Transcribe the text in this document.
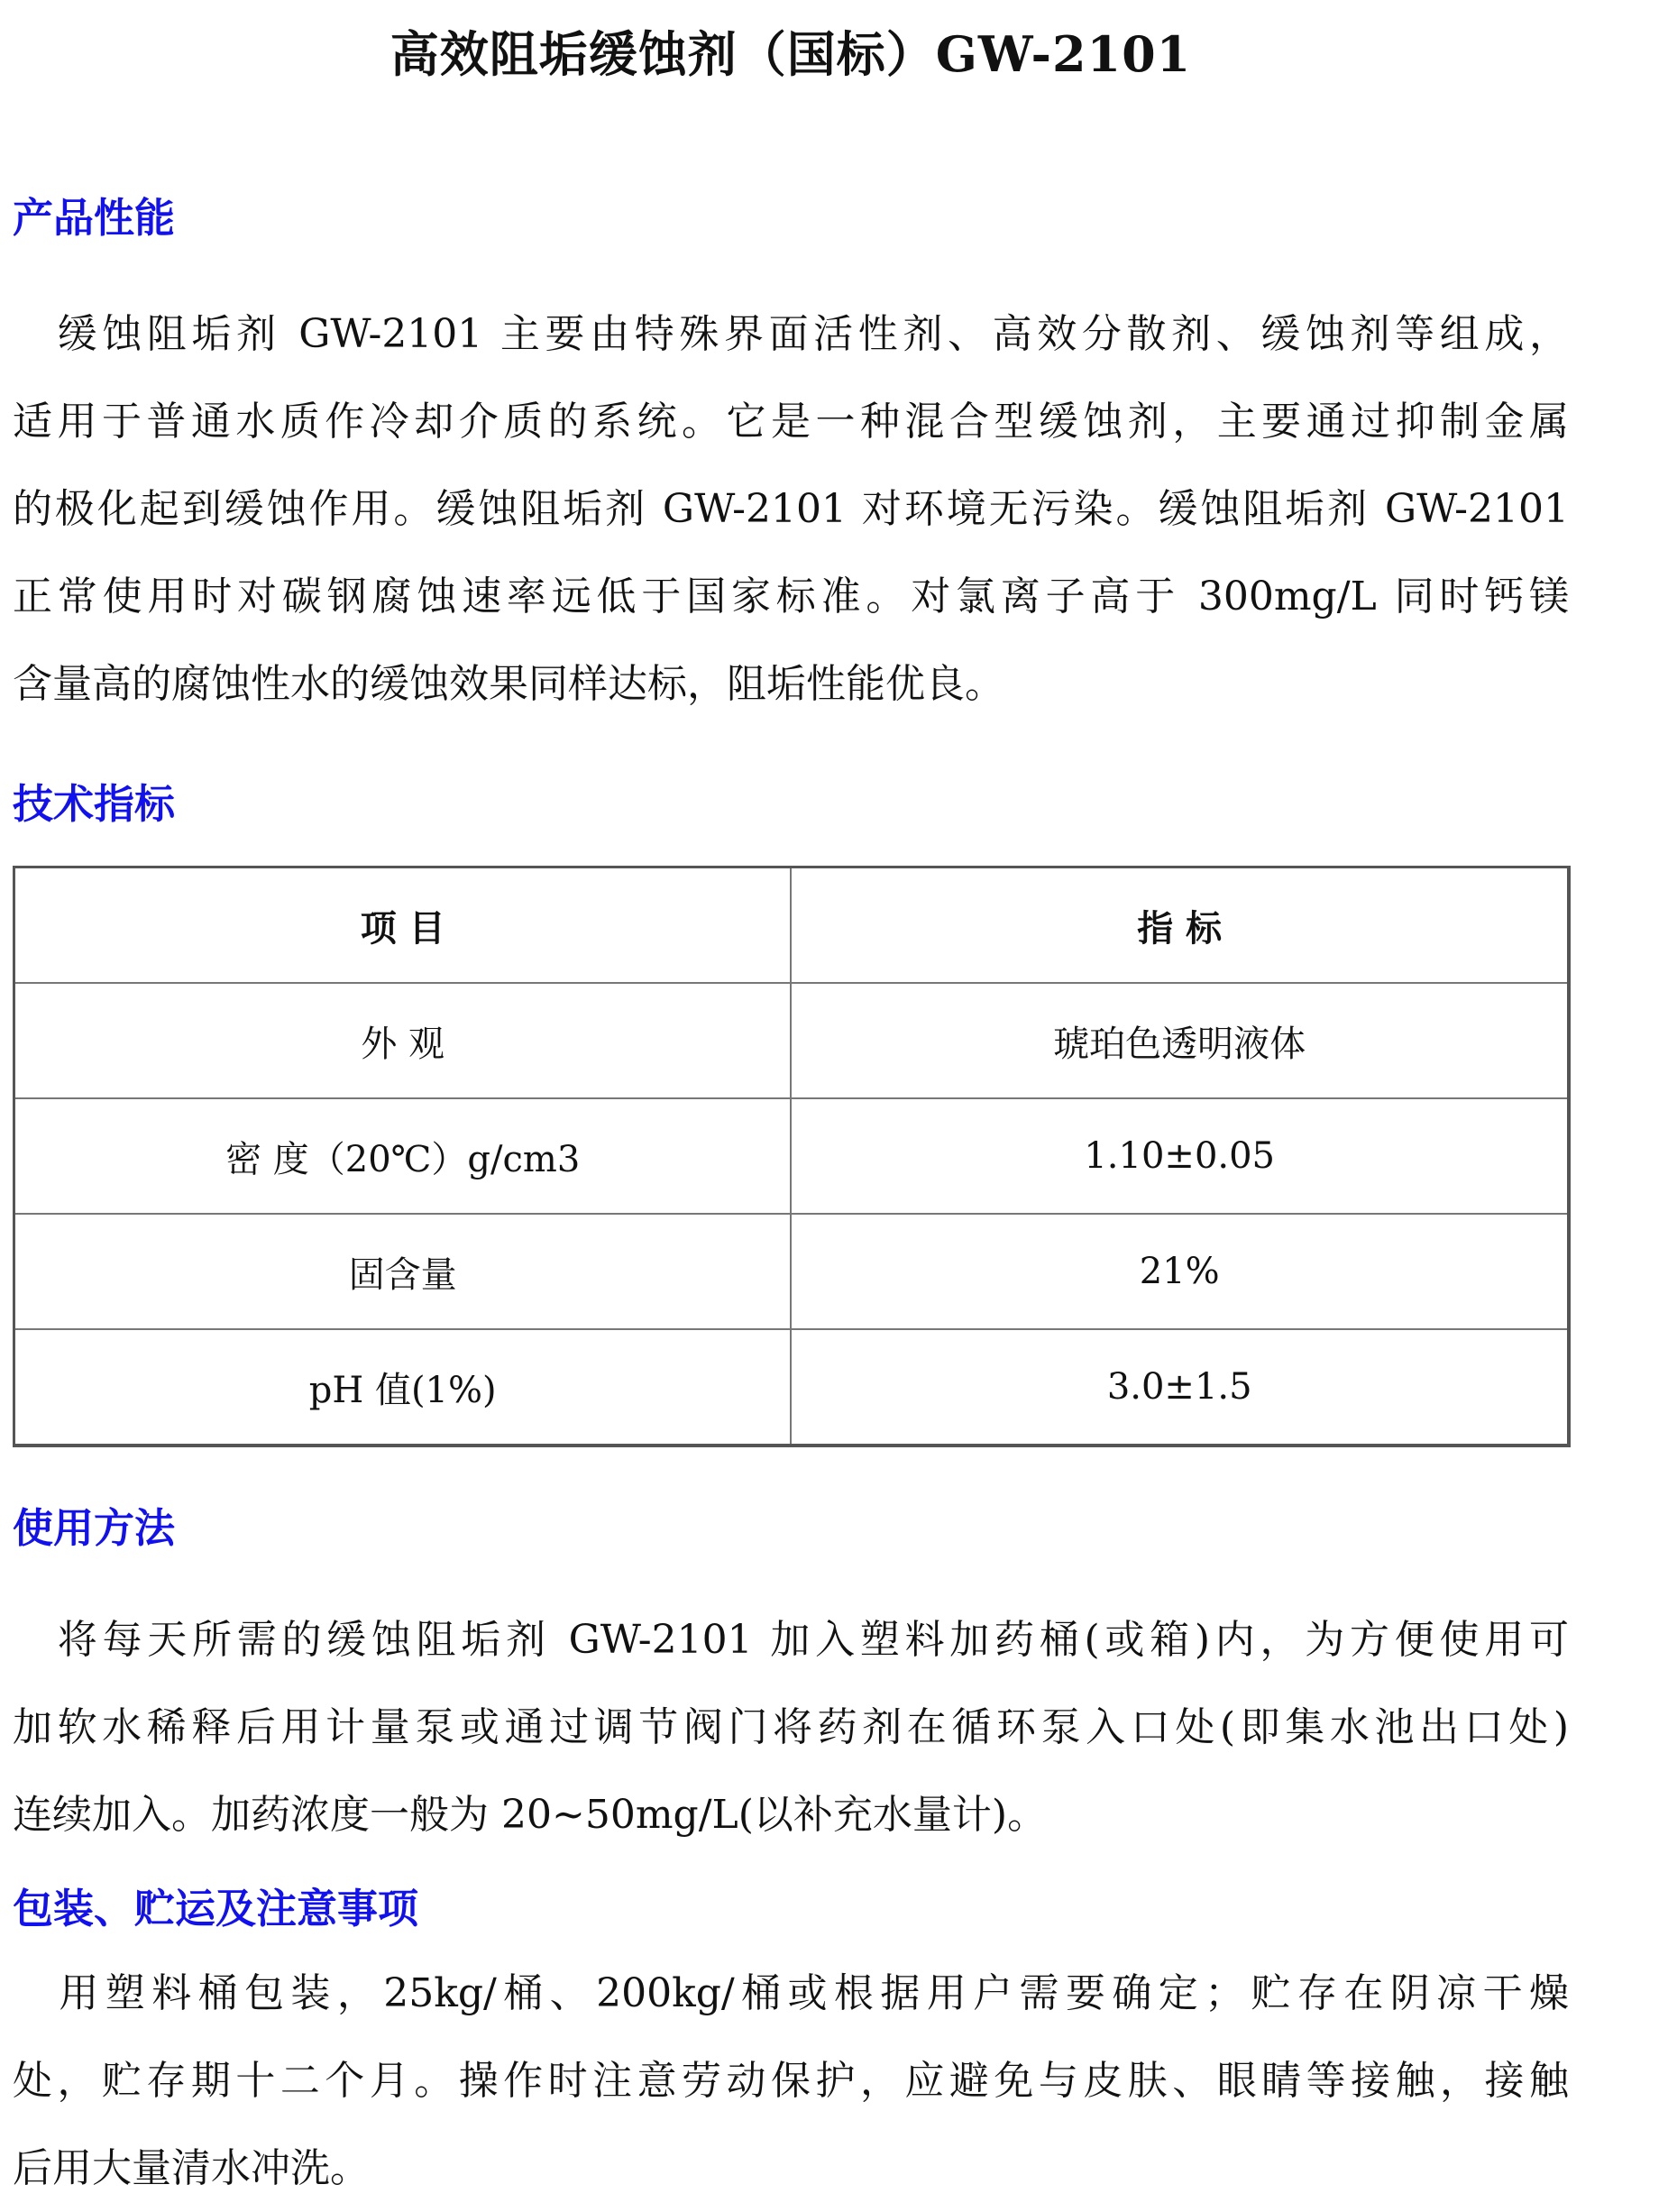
高效阻垢缓蚀剂（国标）GW-2101
产品性能
　缓蚀阻垢剂 GW-2101 主要由特殊界面活性剂、高效分散剂、缓蚀剂等组成，
适用于普通水质作冷却介质的系统。它是一种混合型缓蚀剂，主要通过抑制金属
的极化起到缓蚀作用。缓蚀阻垢剂 GW-2101 对环境无污染。缓蚀阻垢剂 GW-2101
正常使用时对碳钢腐蚀速率远低于国家标准。对氯离子高于 300mg/L 同时钙镁
含量高的腐蚀性水的缓蚀效果同样达标，阻垢性能优良。
技术指标
项 目	指 标
外 观	琥珀色透明液体
密 度（20℃）g/cm3	1.10±0.05
固含量	21%
pH 值(1%)	3.0±1.5
使用方法
　将每天所需的缓蚀阻垢剂 GW-2101 加入塑料加药桶(或箱)内，为方便使用可
加软水稀释后用计量泵或通过调节阀门将药剂在循环泵入口处(即集水池出口处)
连续加入。加药浓度一般为 20~50mg/L(以补充水量计)。
包装、贮运及注意事项
　用塑料桶包装，25kg/桶、200kg/桶或根据用户需要确定；贮存在阴凉干燥
处，贮存期十二个月。操作时注意劳动保护，应避免与皮肤、眼睛等接触，接触
后用大量清水冲洗。
